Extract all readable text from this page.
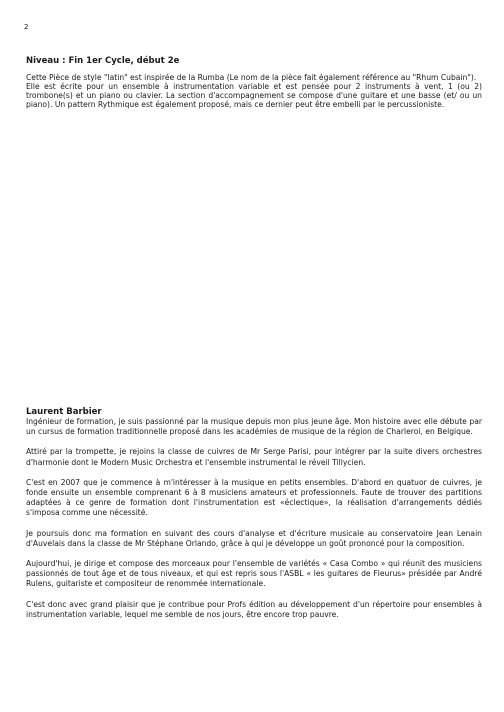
2
Niveau : Fin 1er Cycle, début 2e

Cette Pièce de style "latin" est inspirée de la Rumba (Le nom de la pièce fait également référence au "Rhum Cubain").

Elle est écrite pour un ensemble à instrumentation variable et est pensée pour 2 instruments à vent, 1 (ou 2) trombone(s) et un piano ou clavier. La section d'accompagnement se compose d'une guitare et une basse (et/ ou un piano). Un pattern Rythmique est également proposé, mais ce dernier peut être embelli par le percussioniste.

Laurent Barbier

Ingénieur de formation, je suis passionné par la musique depuis mon plus jeune âge. Mon histoire avec elle débute par un cursus de formation traditionnelle proposé dans les académies de musique de la région de Charleroi, en Belgique.

Attiré par la trompette, je rejoins la classe de cuivres de Mr Serge Parisi, pour intégrer par la suite divers orchestres d'harmonie dont le Modern Music Orchestra et l'ensemble instrumental le réveil Tillycien.

C'est en 2007 que je commence à m'intéresser à la musique en petits ensembles. D'abord en quatuor de cuivres, je fonde ensuite un ensemble comprenant 6 à 8 musiciens amateurs et professionnels. Faute de trouver des partitions adaptées à ce genre de formation dont l'instrumentation est «éclectique», la réalisation d'arrangements dédiés s'imposa comme une nécessité.

Je poursuis donc ma formation en suivant des cours d'analyse et d'écriture musicale au conservatoire Jean Lenain d'Auvelais dans la classe de Mr Stéphane Orlando, grâce à qui je développe un goût prononcé pour la composition.

Aujourd'hui, je dirige et compose des morceaux pour l'ensemble de variétés « Casa Combo » qui réunit des musiciens passionnés de tout âge et de tous niveaux, et qui est repris sous l'ASBL « les guitares de Fleurus» présidée par André Rulens, guitariste et compositeur de renommée internationale.

C'est donc avec grand plaisir que je contribue pour Profs édition au développement d'un répertoire pour ensembles à instrumentation variable, lequel me semble de nos jours, être encore trop pauvre.
